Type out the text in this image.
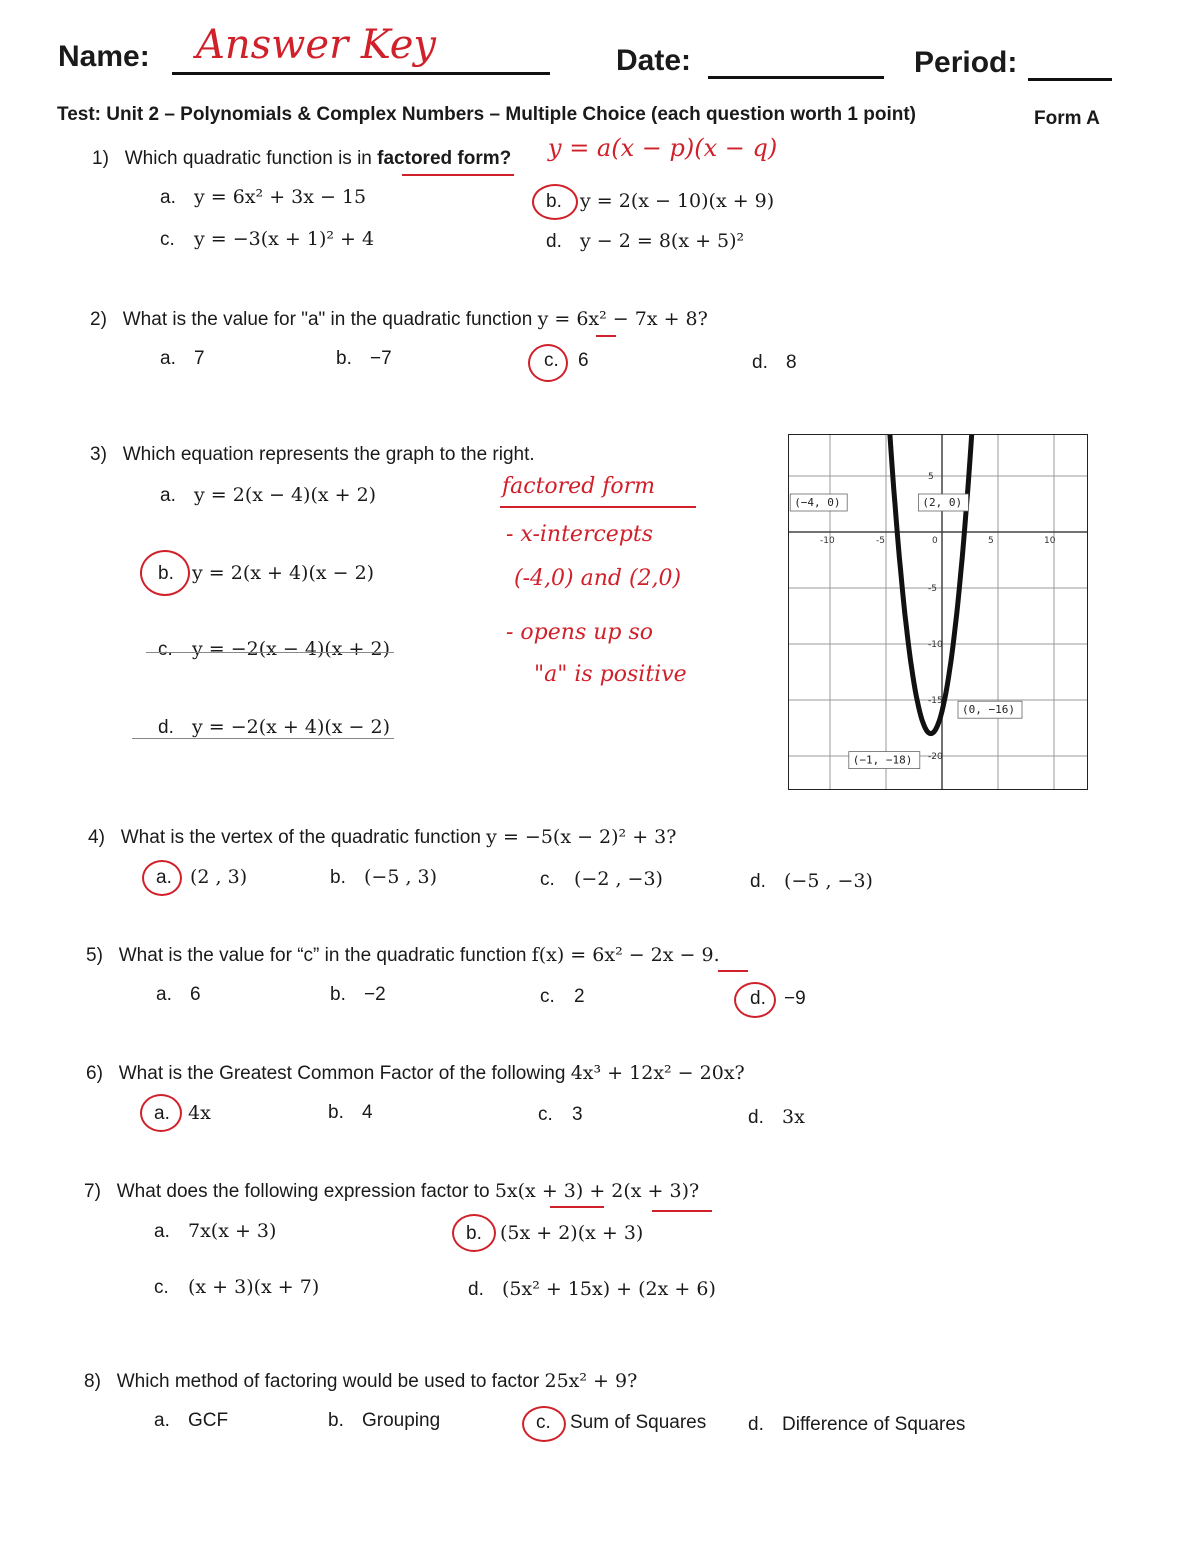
Name: Answer Key	Date:	Period:
Test: Unit 2 – Polynomials & Complex Numbers – Multiple Choice (each question worth 1 point)	Form A
1) Which quadratic function is in factored form? y = a(x − p)(x − q)
a. y = 6x² + 3x − 15	b. y = 2(x − 10)(x + 9)
c. y = −3(x + 1)² + 4	d. y − 2 = 8(x + 5)²
2) What is the value for "a" in the quadratic function y = 6x² − 7x + 8?
a. 7	b. −7	c. 6	d. 8
3) Which equation represents the graph to the right.
a. y = 2(x − 4)(x + 2)
b. y = 2(x + 4)(x − 2)
c. y = −2(x − 4)(x + 2)
d. y = −2(x + 4)(x − 2)
factored form
- x-intercepts
(-4,0) and (2,0)
- opens up so
"a" is positive
-10	-5	0	5	10
5
-5
-10
-15
-20
(−4, 0)	(2, 0)
(0, −16)
(−1, −18)
4) What is the vertex of the quadratic function y = −5(x − 2)² + 3?
a. (2 , 3)	b. (−5 , 3)	c. (−2 , −3)	d. (−5 , −3)
5) What is the value for “c” in the quadratic function f(x) = 6x² − 2x − 9.
a. 6	b. −2	c. 2	d. −9
6) What is the Greatest Common Factor of the following 4x³ + 12x² − 20x?
a. 4x	b. 4	c. 3	d. 3x
7) What does the following expression factor to 5x(x + 3) + 2(x + 3)?
a. 7x(x + 3)	b. (5x + 2)(x + 3)
c. (x + 3)(x + 7)	d. (5x² + 15x) + (2x + 6)
8) Which method of factoring would be used to factor 25x² + 9?
a. GCF	b. Grouping	c. Sum of Squares d. Difference of Squares
